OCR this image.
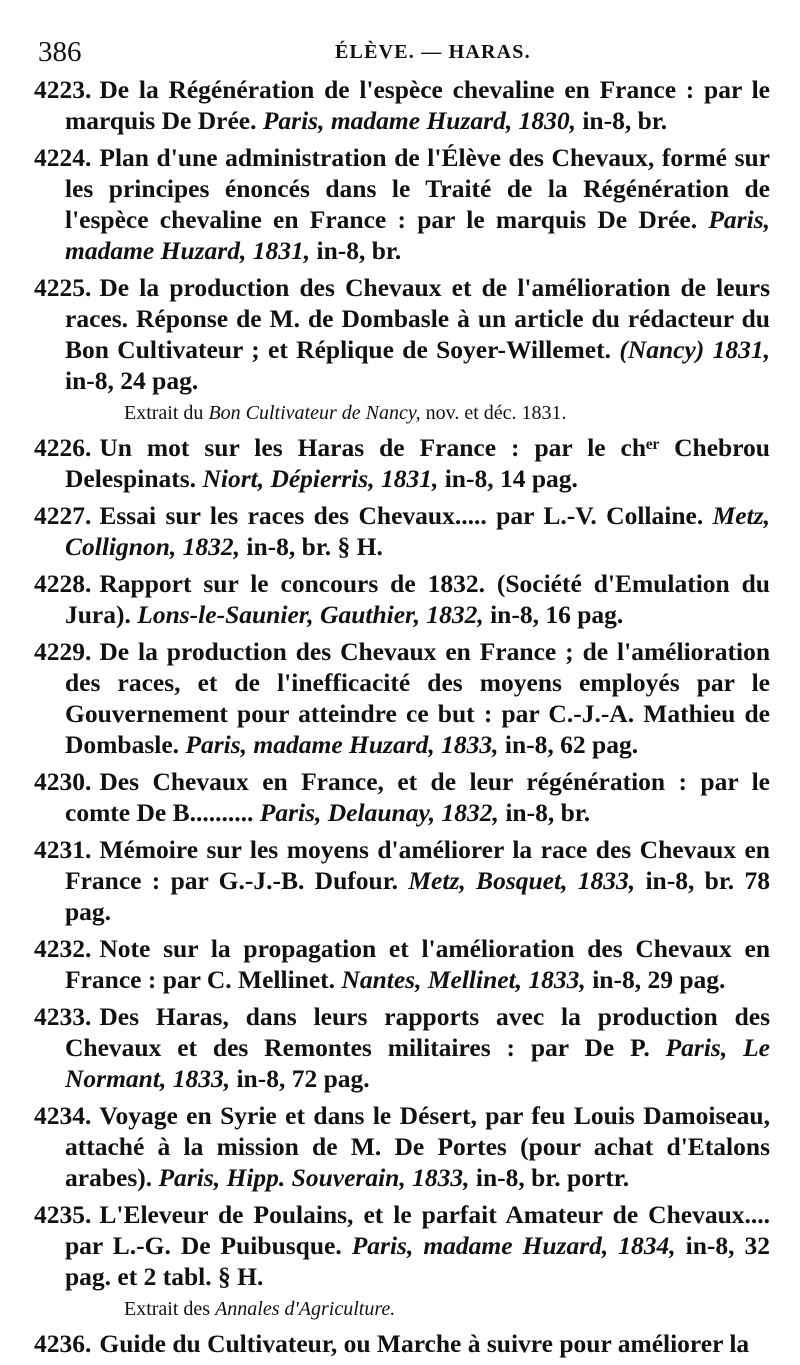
386	ÉLÈVE. — HARAS.
4223. De la Régénération de l'espèce chevaline en France : par le marquis De Drée. Paris, madame Huzard, 1830, in-8, br.
4224. Plan d'une administration de l'Élève des Chevaux, formé sur les principes énoncés dans le Traité de la Régénération de l'espèce chevaline en France : par le marquis De Drée. Paris, madame Huzard, 1831, in-8, br.
4225. De la production des Chevaux et de l'amélioration de leurs races. Réponse de M. de Dombasle à un article du rédacteur du Bon Cultivateur ; et Réplique de Soyer-Willemet. (Nancy) 1831, in-8, 24 pag.
Extrait du Bon Cultivateur de Nancy, nov. et déc. 1831.
4226. Un mot sur les Haras de France : par le chᵉʳ Chebrou Delespinats. Niort, Dépierris, 1831, in-8, 14 pag.
4227. Essai sur les races des Chevaux..... par L.-V. Collaine. Metz, Collignon, 1832, in-8, br. § H.
4228. Rapport sur le concours de 1832. (Société d'Emulation du Jura). Lons-le-Saunier, Gauthier, 1832, in-8, 16 pag.
4229. De la production des Chevaux en France ; de l'amélioration des races, et de l'inefficacité des moyens employés par le Gouvernement pour atteindre ce but : par C.-J.-A. Mathieu de Dombasle. Paris, madame Huzard, 1833, in-8, 62 pag.
4230. Des Chevaux en France, et de leur régénération : par le comte De B.......... Paris, Delaunay, 1832, in-8, br.
4231. Mémoire sur les moyens d'améliorer la race des Chevaux en France : par G.-J.-B. Dufour. Metz, Bosquet, 1833, in-8, br. 78 pag.
4232. Note sur la propagation et l'amélioration des Chevaux en France : par C. Mellinet. Nantes, Mellinet, 1833, in-8, 29 pag.
4233. Des Haras, dans leurs rapports avec la production des Chevaux et des Remontes militaires : par De P. Paris, Le Normant, 1833, in-8, 72 pag.
4234. Voyage en Syrie et dans le Désert, par feu Louis Damoiseau, attaché à la mission de M. De Portes (pour achat d'Etalons arabes). Paris, Hipp. Souverain, 1833, in-8, br. portr.
4235. L'Eleveur de Poulains, et le parfait Amateur de Chevaux.... par L.-G. De Puibusque. Paris, madame Huzard, 1834, in-8, 32 pag. et 2 tabl. § H.
Extrait des Annales d'Agriculture.
4236. Guide du Cultivateur, ou Marche à suivre pour améliorer la
